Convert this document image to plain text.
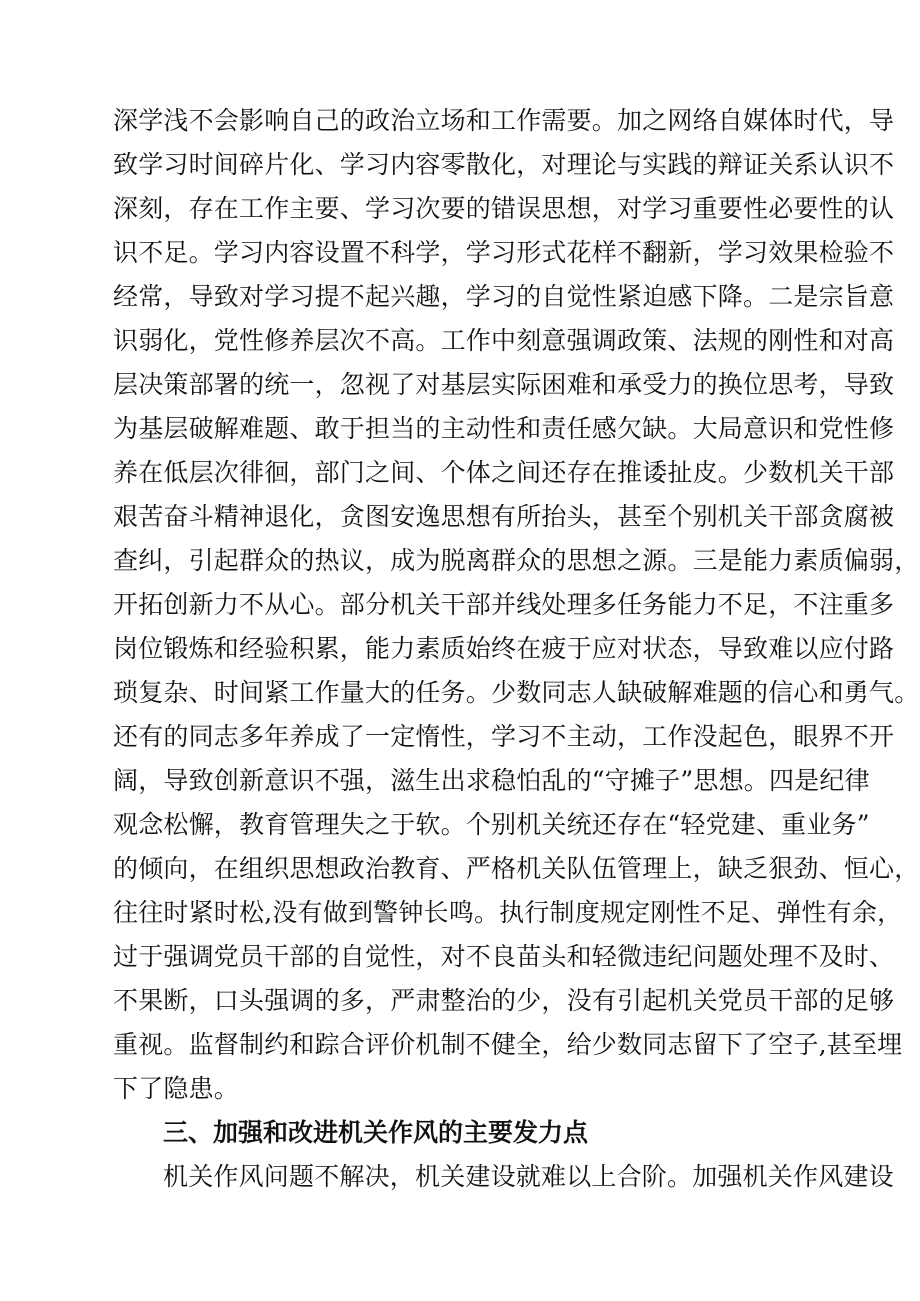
深学浅不会影响自己的政治立场和工作需要。加之网络自媒体时代，导
致学习时间碎片化、学习内容零散化，对理论与实践的辩证关系认识不
深刻，存在工作主要、学习次要的错误思想，对学习重要性必要性的认
识不足。学习内容设置不科学，学习形式花样不翻新，学习效果检验不
经常，导致对学习提不起兴趣，学习的自觉性紧迫感下降。二是宗旨意
识弱化，党性修养层次不高。工作中刻意强调政策、法规的刚性和对高
层决策部署的统一，忽视了对基层实际困难和承受力的换位思考，导致
为基层破解难题、敢于担当的主动性和责任感欠缺。大局意识和党性修
养在低层次徘徊，部门之间、个体之间还存在推诿扯皮。少数机关干部
艰苦奋斗精神退化，贪图安逸思想有所抬头，甚至个别机关干部贪腐被
查纠，引起群众的热议，成为脱离群众的思想之源。三是能力素质偏弱，
开拓创新力不从心。部分机关干部并线处理多任务能力不足，不注重多
岗位锻炼和经验积累，能力素质始终在疲于应对状态，导致难以应付路
琐复杂、时间紧工作量大的任务。少数同志人缺破解难题的信心和勇气。
还有的同志多年养成了一定惰性，学习不主动，工作没起色，眼界不开
阔，导致创新意识不强，滋生出求稳怕乱的“守摊子”思想。四是纪律
观念松懈，教育管理失之于软。个别机关统还存在“轻党建、重业务”
的倾向，在组织思想政治教育、严格机关队伍管理上，缺乏狠劲、恒心，
往往时紧时松,没有做到警钟长鸣。执行制度规定刚性不足、弹性有余，
过于强调党员干部的自觉性，对不良苗头和轻微违纪问题处理不及时、
不果断，口头强调的多，严肃整治的少，没有引起机关党员干部的足够
重视。监督制约和踪合评价机制不健全，给少数同志留下了空子,甚至埋
下了隐患。
三、加强和改进机关作风的主要发力点
机关作风问题不解决，机关建设就难以上合阶。加强机关作风建设
